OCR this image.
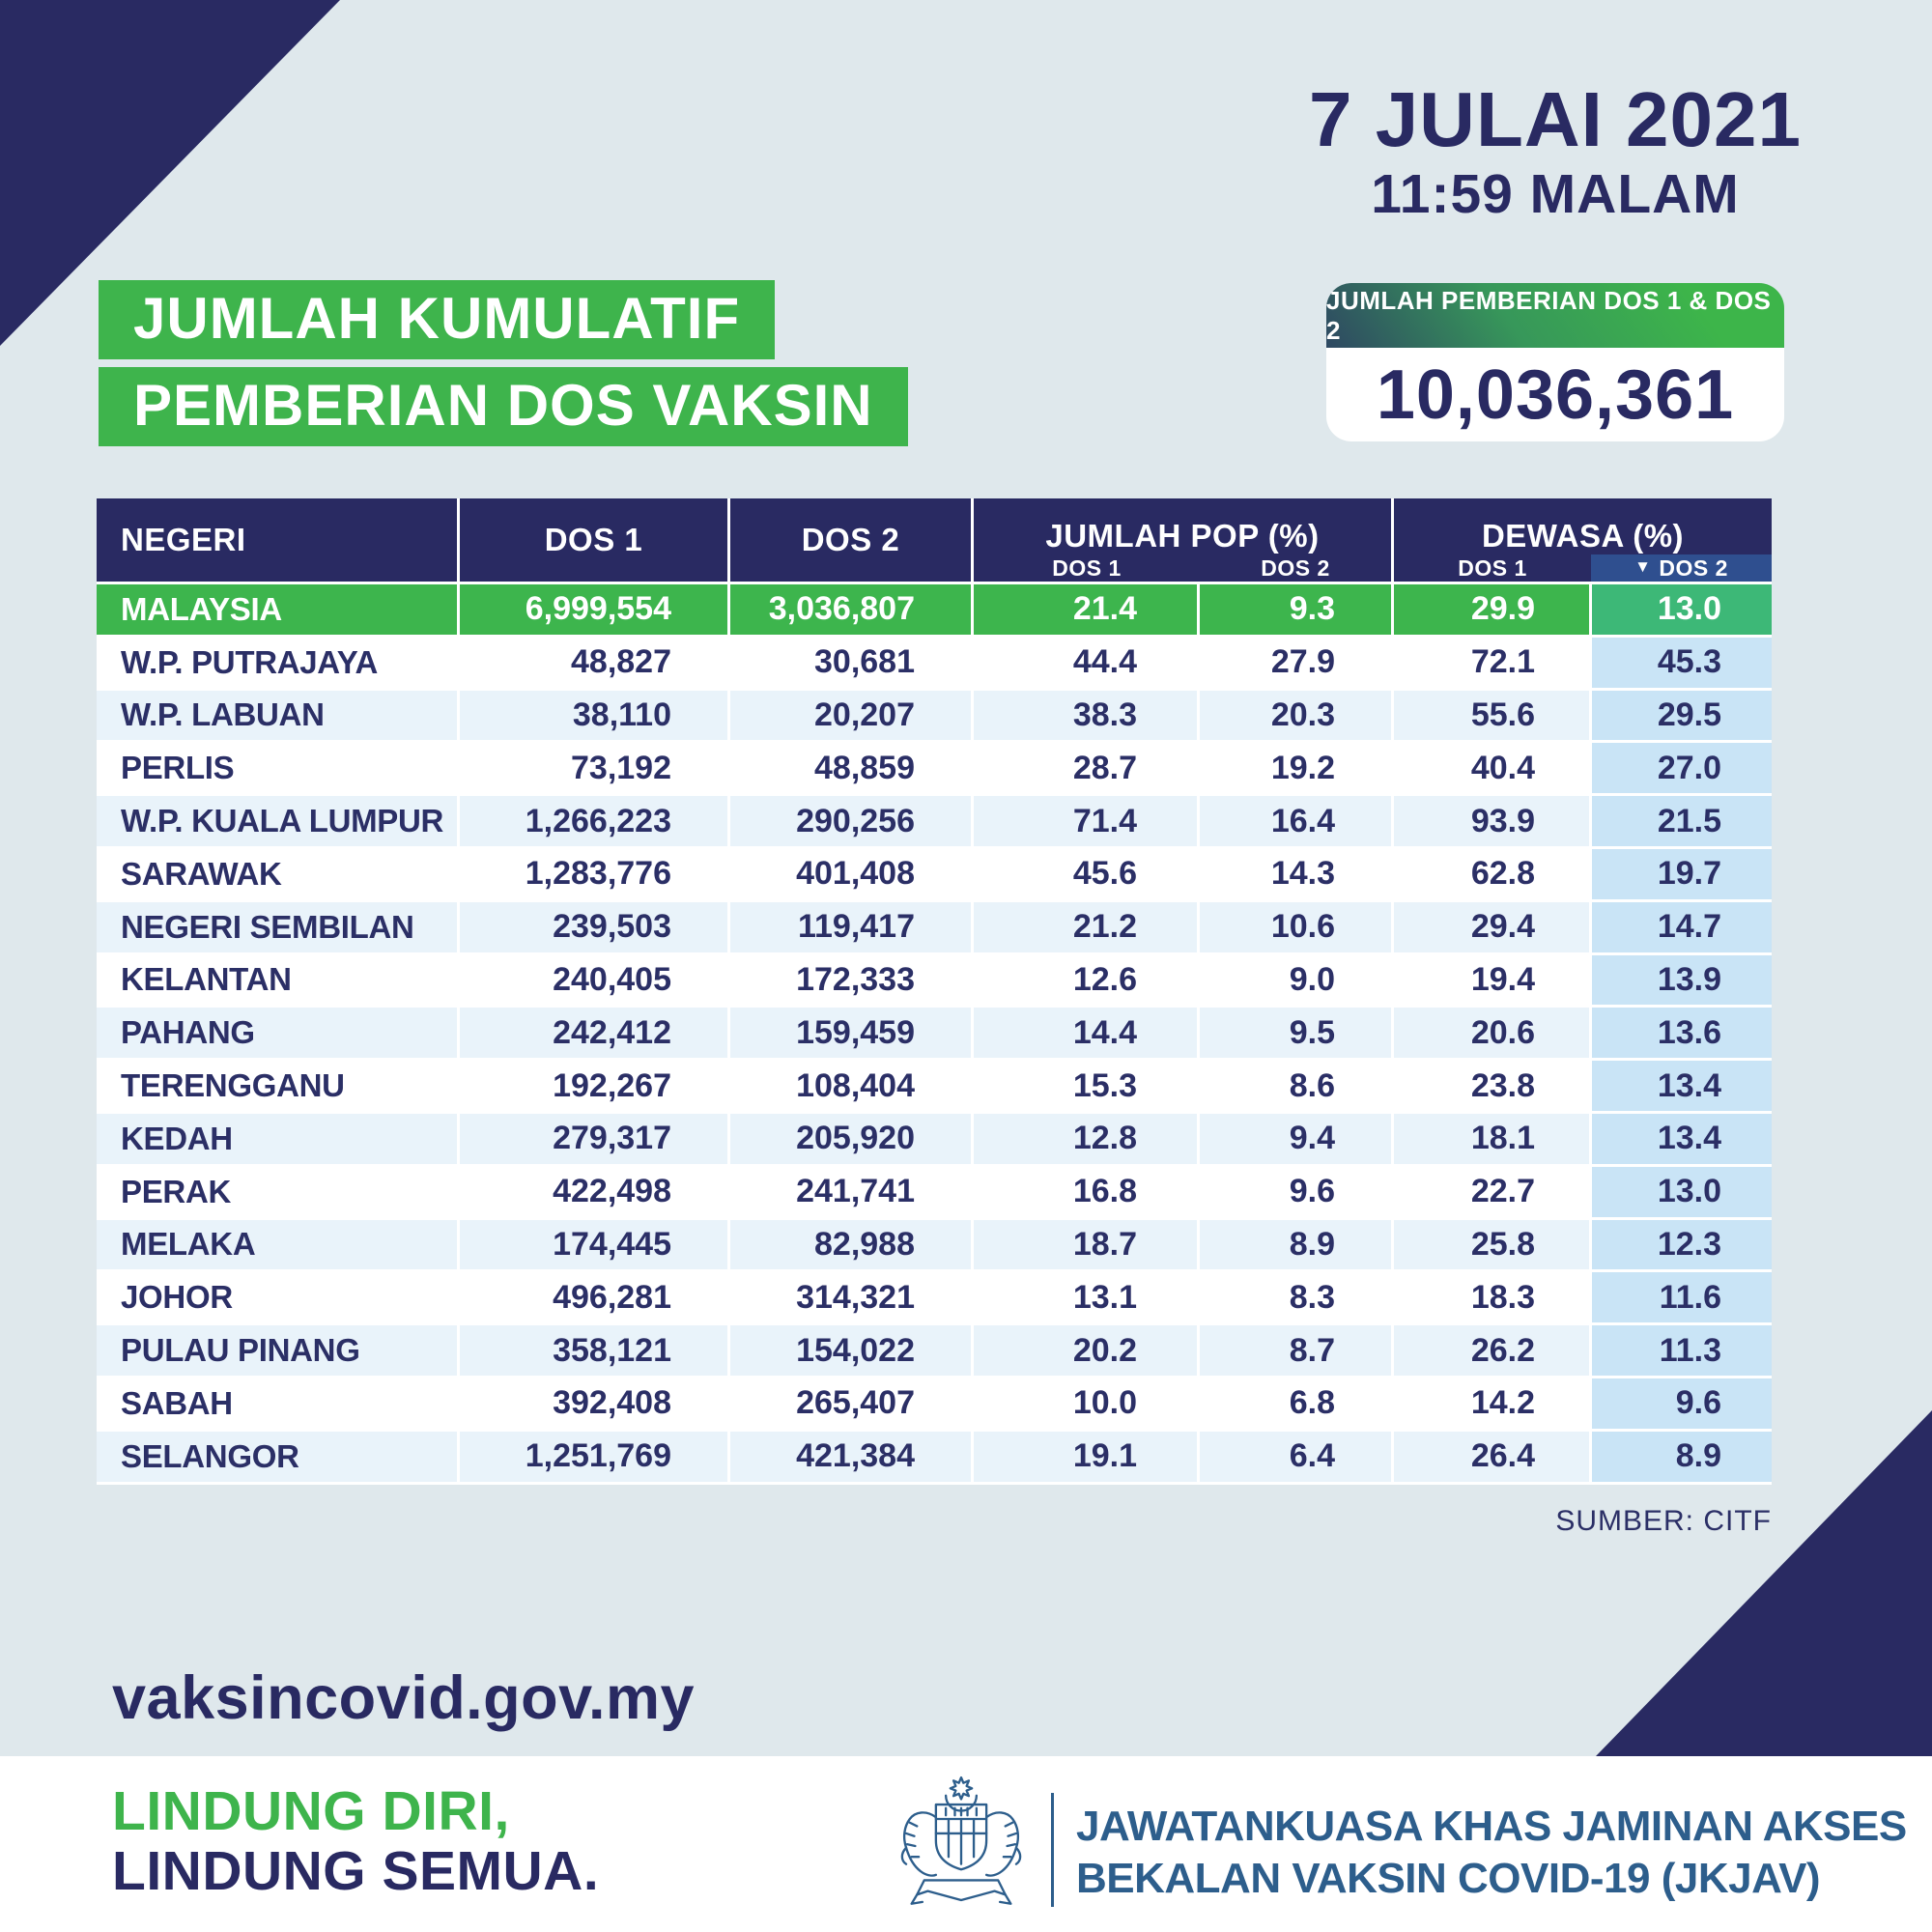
7 JULAI 2021
11:59 MALAM
JUMLAH KUMULATIF
PEMBERIAN DOS VAKSIN
JUMLAH PEMBERIAN DOS 1 & DOS 2
10,036,361
NEGERI	DOS 1	DOS 2	JUMLAH POP (%)
DOS 1	DOS 2
DEWASA (%)
DOS 1	▼ DOS 2
MALAYSIA	6,999,554	3,036,807	21.4	9.3	29.9	13.0
W.P. PUTRAJAYA	48,827	30,681	44.4	27.9	72.1	45.3
W.P. LABUAN	38,110	20,207	38.3	20.3	55.6	29.5
PERLIS	73,192	48,859	28.7	19.2	40.4	27.0
W.P. KUALA LUMPUR	1,266,223	290,256	71.4	16.4	93.9	21.5
SARAWAK	1,283,776	401,408	45.6	14.3	62.8	19.7
NEGERI SEMBILAN	239,503	119,417	21.2	10.6	29.4	14.7
KELANTAN	240,405	172,333	12.6	9.0	19.4	13.9
PAHANG	242,412	159,459	14.4	9.5	20.6	13.6
TERENGGANU	192,267	108,404	15.3	8.6	23.8	13.4
KEDAH	279,317	205,920	12.8	9.4	18.1	13.4
PERAK	422,498	241,741	16.8	9.6	22.7	13.0
MELAKA	174,445	82,988	18.7	8.9	25.8	12.3
JOHOR	496,281	314,321	13.1	8.3	18.3	11.6
PULAU PINANG	358,121	154,022	20.2	8.7	26.2	11.3
SABAH	392,408	265,407	10.0	6.8	14.2	9.6
SELANGOR	1,251,769	421,384	19.1	6.4	26.4	8.9
SUMBER: CITF
vaksincovid.gov.my
LINDUNG DIRI,
LINDUNG SEMUA.
JAWATANKUASA KHAS JAMINAN AKSES
BEKALAN VAKSIN COVID-19 (JKJAV)
